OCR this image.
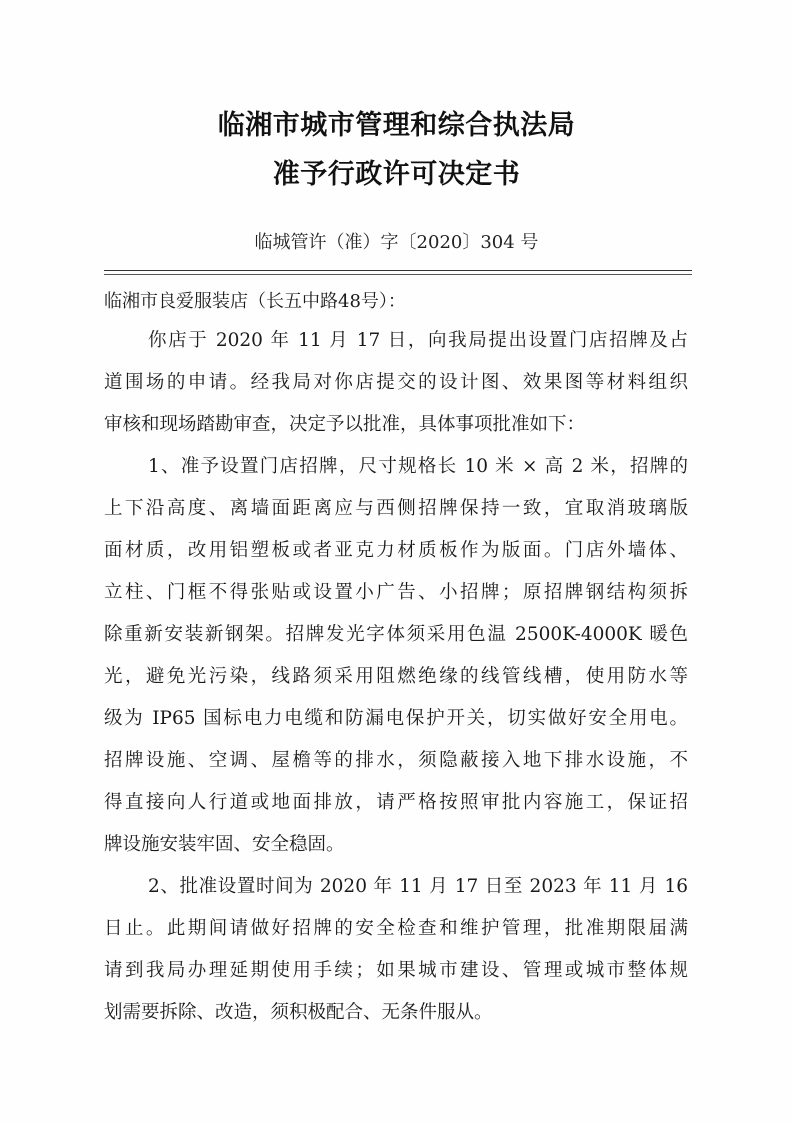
临湘市城市管理和综合执法局
准予行政许可决定书
临城管许（准）字〔2020〕304 号
临湘市良爱服装店（长五中路48号）：
你店于 2020 年 11 月 17 日，向我局提出设置门店招牌及占
道围场的申请。经我局对你店提交的设计图、效果图等材料组织
审核和现场踏勘审查，决定予以批准，具体事项批准如下：
1、准予设置门店招牌，尺寸规格长 10 米 × 高 2 米，招牌的
上下沿高度、离墙面距离应与西侧招牌保持一致，宜取消玻璃版
面材质，改用铝塑板或者亚克力材质板作为版面。门店外墙体、
立柱、门框不得张贴或设置小广告、小招牌；原招牌钢结构须拆
除重新安装新钢架。招牌发光字体须采用色温 2500K-4000K 暖色
光，避免光污染，线路须采用阻燃绝缘的线管线槽，使用防水等
级为 IP65 国标电力电缆和防漏电保护开关，切实做好安全用电。
招牌设施、空调、屋檐等的排水，须隐蔽接入地下排水设施，不
得直接向人行道或地面排放，请严格按照审批内容施工，保证招
牌设施安装牢固、安全稳固。
2、批准设置时间为 2020 年 11 月 17 日至 2023 年 11 月 16
日止。此期间请做好招牌的安全检查和维护管理，批准期限届满
请到我局办理延期使用手续；如果城市建设、管理或城市整体规
划需要拆除、改造，须积极配合、无条件服从。
